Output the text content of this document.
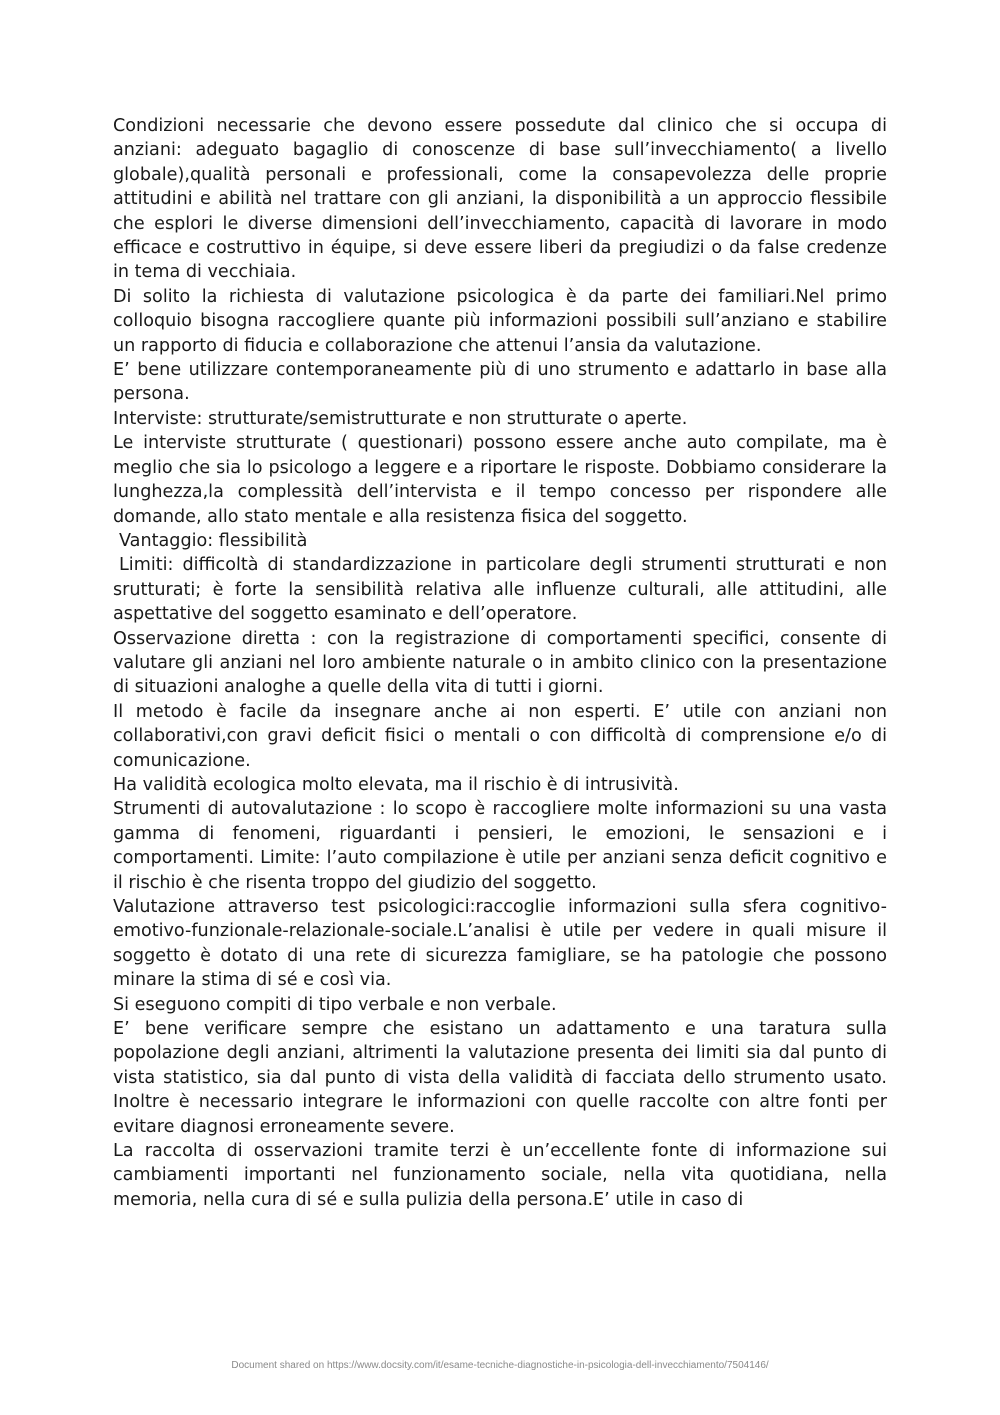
Condizioni necessarie che devono essere possedute dal clinico che si occupa di anziani: adeguato bagaglio di conoscenze di base sull’invecchiamento( a livello globale),qualità personali e professionali, come la consapevolezza delle proprie attitudini e abilità nel trattare con gli anziani, la disponibilità a un approccio flessibile che esplori le diverse dimensioni dell’invecchiamento, capacità di lavorare in modo efficace e costruttivo in équipe, si deve essere liberi da pregiudizi o da false credenze in tema di vecchiaia.

Di solito la richiesta di valutazione psicologica è da parte dei familiari.Nel primo colloquio bisogna raccogliere quante più informazioni possibili sull’anziano e stabilire un rapporto di fiducia e collaborazione che attenui l’ansia da valutazione.

E’ bene utilizzare contemporaneamente più di uno strumento e adattarlo in base alla persona.

Interviste: strutturate/semistrutturate e non strutturate o aperte.

Le interviste strutturate ( questionari) possono essere anche auto compilate, ma è meglio che sia lo psicologo a leggere e a riportare le risposte. Dobbiamo considerare la lunghezza,la complessità dell’intervista e il tempo concesso per rispondere alle domande, allo stato mentale e alla resistenza fisica del soggetto.

Vantaggio: flessibilità

Limiti: difficoltà di standardizzazione in particolare degli strumenti strutturati e non srutturati; è forte la sensibilità relativa alle influenze culturali, alle attitudini, alle aspettative del soggetto esaminato e dell’operatore.

Osservazione diretta : con la registrazione di comportamenti specifici, consente di valutare gli anziani nel loro ambiente naturale o in ambito clinico con la presentazione di situazioni analoghe a quelle della vita di tutti i giorni.

Il metodo è facile da insegnare anche ai non esperti. E’ utile con anziani non collaborativi,con gravi deficit fisici o mentali o con difficoltà di comprensione e/o di comunicazione.

Ha validità ecologica molto elevata, ma il rischio è di intrusività.

Strumenti di autovalutazione : lo scopo è raccogliere molte informazioni su una vasta gamma di fenomeni, riguardanti i pensieri, le emozioni, le sensazioni e i comportamenti. Limite: l’auto compilazione è utile per anziani senza deficit cognitivo e il rischio è che risenta troppo del giudizio del soggetto.

Valutazione attraverso test psicologici:raccoglie informazioni sulla sfera cognitivo-emotivo-funzionale-relazionale-sociale.L’analisi è utile per vedere in quali misure il soggetto è dotato di una rete di sicurezza famigliare, se ha patologie che possono minare la stima di sé e così via.

Si eseguono compiti di tipo verbale e non verbale.

E’ bene verificare sempre che esistano un adattamento e una taratura sulla popolazione degli anziani, altrimenti la valutazione presenta dei limiti sia dal punto di vista statistico, sia dal punto di vista della validità di facciata dello strumento usato. Inoltre è necessario integrare le informazioni con quelle raccolte con altre fonti per evitare diagnosi erroneamente severe.

La raccolta di osservazioni tramite terzi è un’eccellente fonte di informazione sui cambiamenti importanti nel funzionamento sociale, nella vita quotidiana, nella memoria, nella cura di sé e sulla pulizia della persona.E’ utile in caso di

Document shared on https://www.docsity.com/it/esame-tecniche-diagnostiche-in-psicologia-dell-invecchiamento/7504146/
